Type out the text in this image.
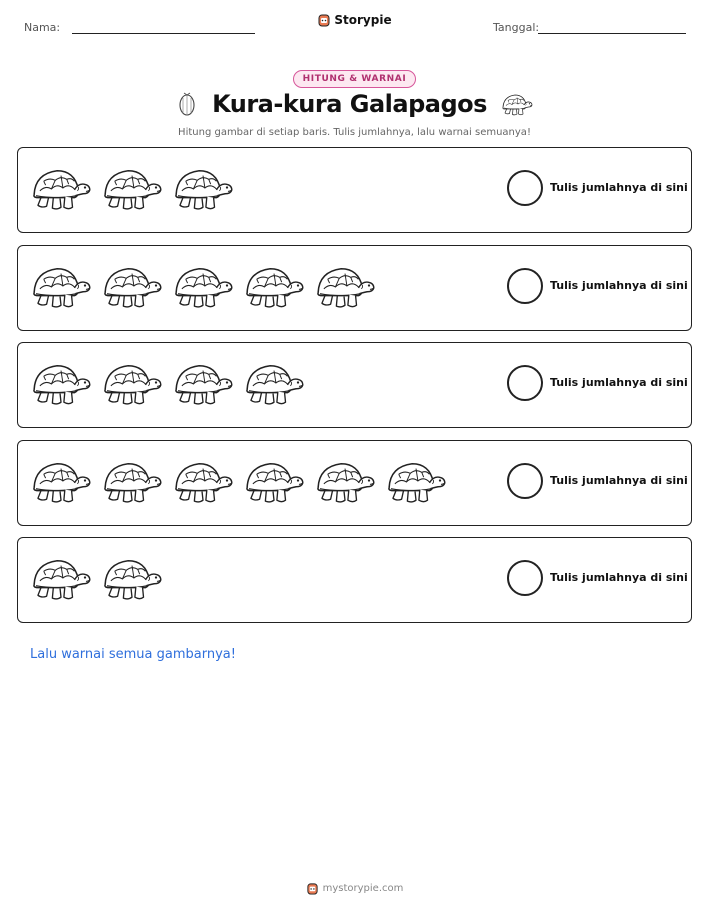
Nama:
Storypie
Tanggal:
HITUNG & WARNAI
Kura-kura Galapagos
Hitung gambar di setiap baris. Tulis jumlahnya, lalu warnai semuanya!
Tulis jumlahnya di sini
Tulis jumlahnya di sini
Tulis jumlahnya di sini
Tulis jumlahnya di sini
Tulis jumlahnya di sini
Lalu warnai semua gambarnya!
mystorypie.com
